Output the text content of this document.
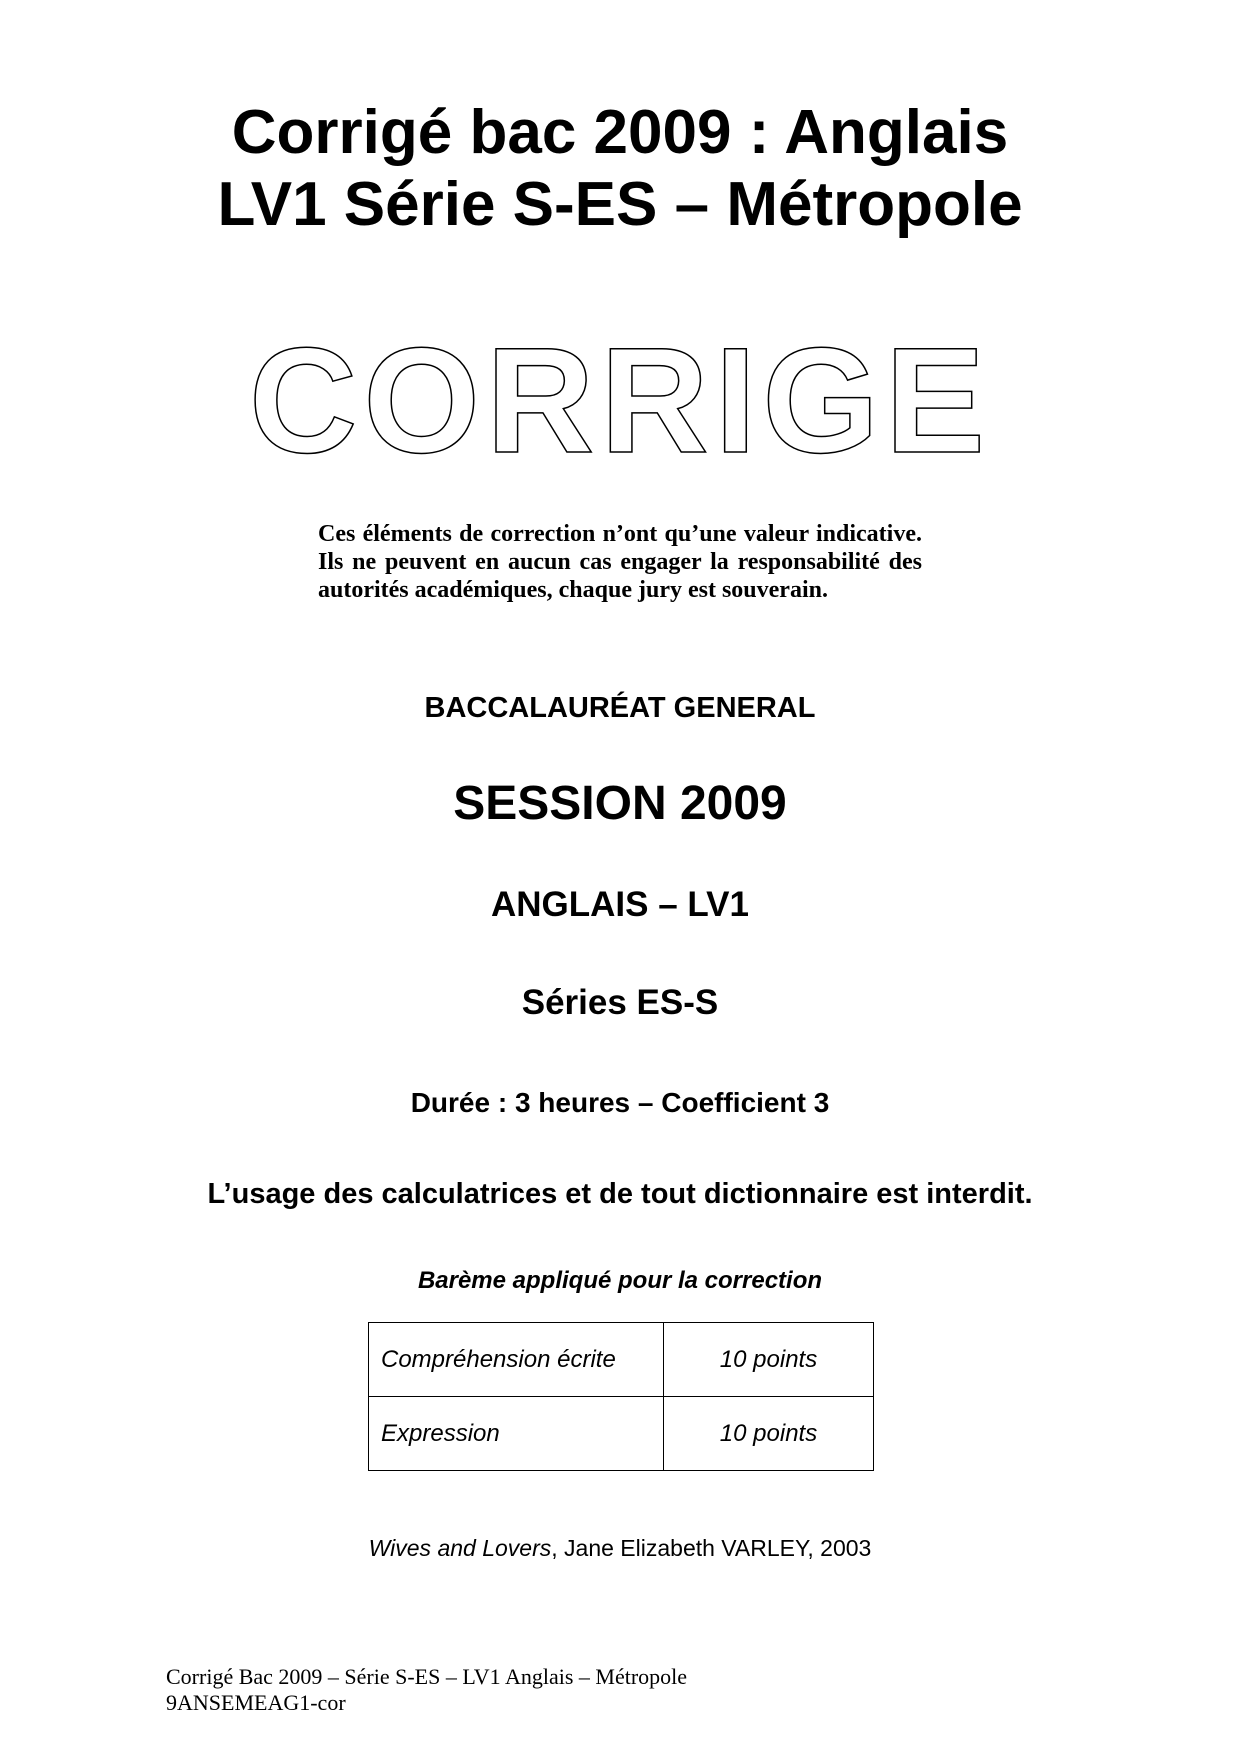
Corrigé bac 2009 : Anglais
LV1 Série S-ES – Métropole
CORRIGE

Ces éléments de correction n’ont qu’une valeur indicative. Ils ne peuvent en aucun cas engager la responsabilité des autorités académiques, chaque jury est souverain.

BACCALAURÉAT GENERAL
SESSION 2009
ANGLAIS – LV1
Séries ES-S
Durée : 3 heures – Coefficient 3
L’usage des calculatrices et de tout dictionnaire est interdit.
Barème appliqué pour la correction
Compréhension écrite	10 points
Expression	10 points
Wives and Lovers, Jane Elizabeth VARLEY, 2003
Corrigé Bac 2009 – Série S-ES – LV1 Anglais – Métropole
9ANSEMEAG1-cor
